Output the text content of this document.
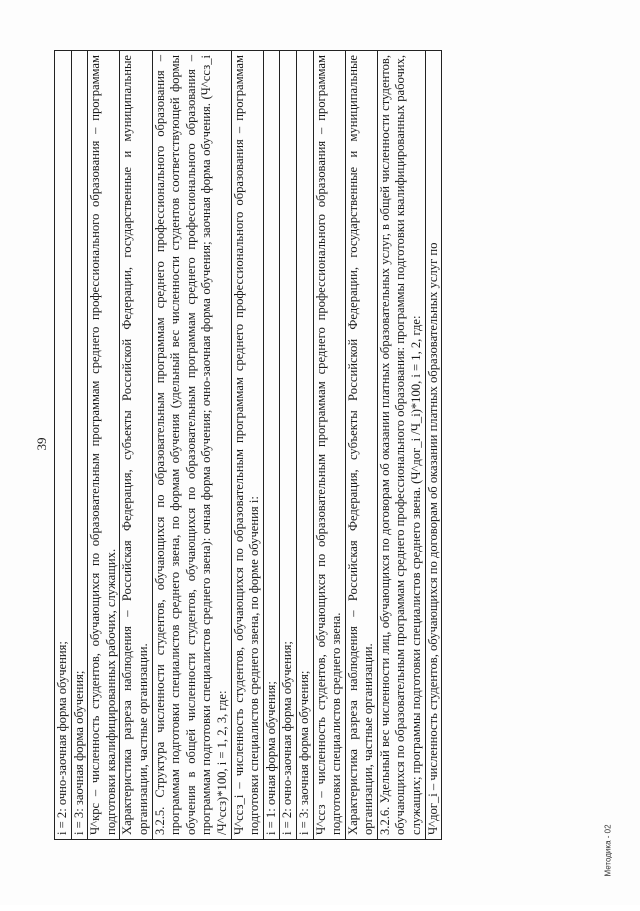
39
Методика - 02
i = 2: очно-заочная форма обучения;
i = 3: заочная форма обучения;
Ч^крс – численность студентов, обучающихся по образовательным программам среднего профессионального образования – программам подготовки квалифицированных рабочих, служащих.
Характеристика разреза наблюдения – Российская Федерация, субъекты Российской Федерации, государственные и муниципальные организации, частные организации.
3.2.5. Структура численности студентов, обучающихся по образовательным программам среднего профессионального образования – программам подготовки специалистов среднего звена, по формам обучения (удельный вес численности студентов соответствующей формы обучения в общей численности студентов, обучающихся по образовательным программам среднего профессионального образования – программам подготовки специалистов среднего звена): очная форма обучения; очно-заочная форма обучения; заочная форма обучения. (Ч^ссз_i /Ч^ссз)*100, i = 1, 2, 3, где:
Ч^ссз_i – численность студентов, обучающихся по образовательным программам среднего профессионального образования – программам подготовки специалистов среднего звена, по форме обучения i:
i = 1: очная форма обучения;
i = 2: очно-заочная форма обучения;
i = 3: заочная форма обучения;
Ч^ссз – численность студентов, обучающихся по образовательным программам среднего профессионального образования – программам подготовки специалистов среднего звена.
Характеристика разреза наблюдения – Российская Федерация, субъекты Российской Федерации, государственные и муниципальные организации, частные организации.
3.2.6. Удельный вес численности лиц, обучающихся по договорам об оказании платных образовательных услуг, в общей численности студентов, обучающихся по образовательным программам среднего профессионального образования: программы подготовки квалифицированных рабочих, служащих; программы подготовки специалистов среднего звена. (Ч^дог_i /Ч_i)*100, i = 1, 2, где:
Ч^дог_i – численность студентов, обучающихся по договорам об оказании платных образовательных услуг по
